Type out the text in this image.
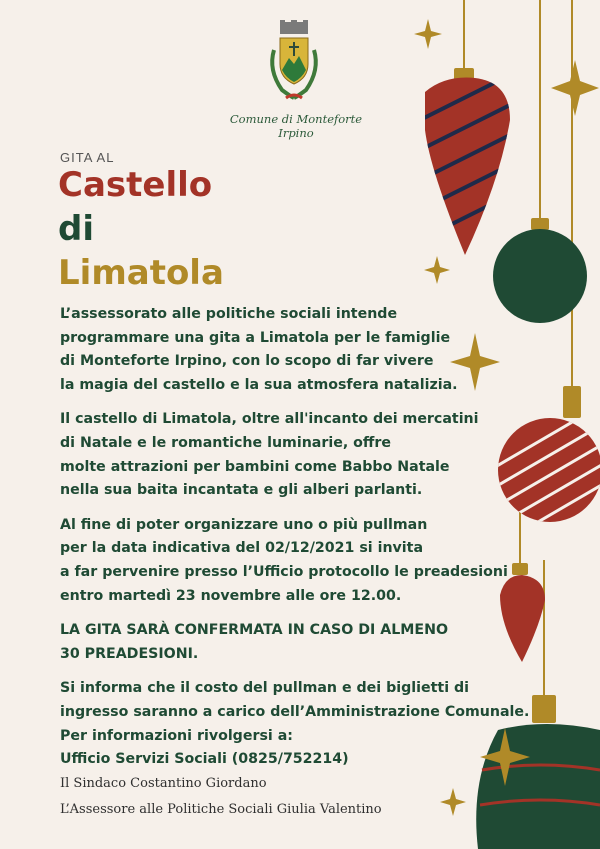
Comune di Monteforte Irpino
GITA AL
Castello
di
Limatola

L’assessorato alle politiche sociali intende
programmare una gita a Limatola per le famiglie
di Monteforte Irpino, con lo scopo di far vivere
la magia del castello e la sua atmosfera natalizia.

Il castello di Limatola, oltre all'incanto dei mercatini
di Natale e le romantiche luminarie, offre
molte attrazioni per bambini come Babbo Natale
nella sua baita incantata e gli alberi parlanti.

Al fine di poter organizzare uno o più pullman
per la data indicativa del 02/12/2021 si invita
a far pervenire presso l’Ufficio protocollo le preadesioni
entro martedì 23 novembre alle ore 12.00.

LA GITA SARÀ CONFERMATA IN CASO DI ALMENO
30 PREADESIONI.

Si informa che il costo del pullman e dei biglietti di
ingresso saranno a carico dell’Amministrazione Comunale.
Per informazioni rivolgersi a:
Ufficio Servizi Sociali (0825/752214)

Il Sindaco Costantino Giordano
L’Assessore alle Politiche Sociali Giulia Valentino
